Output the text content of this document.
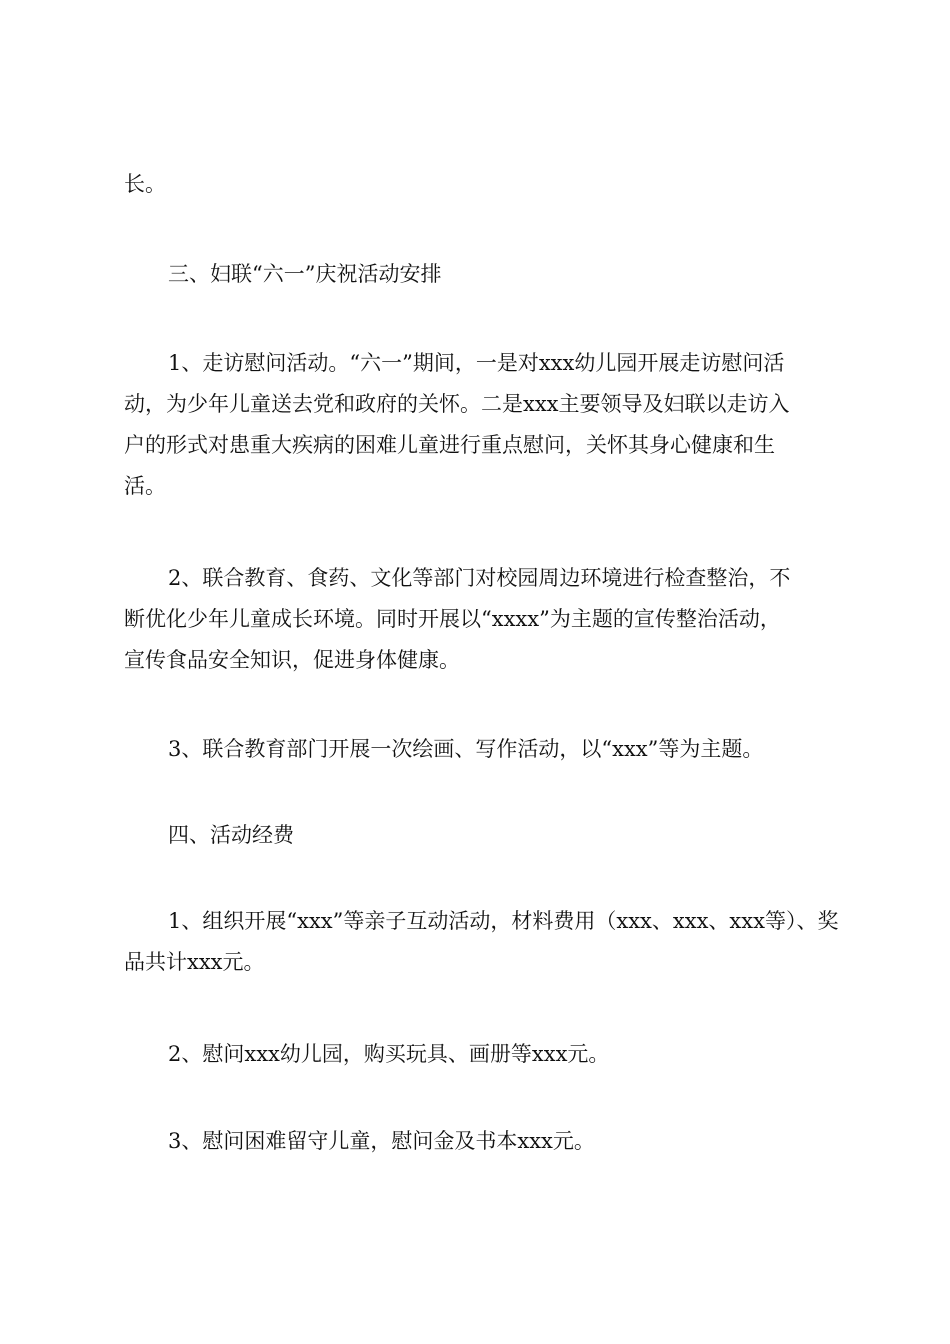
长。

三、妇联“六一”庆祝活动安排

1、走访慰问活动。“六一”期间，一是对xxx幼儿园开展走访慰问活
动，为少年儿童送去党和政府的关怀。二是xxx主要领导及妇联以走访入
户的形式对患重大疾病的困难儿童进行重点慰问，关怀其身心健康和生
活。

2、联合教育、食药、文化等部门对校园周边环境进行检查整治，不
断优化少年儿童成长环境。同时开展以“xxxx”为主题的宣传整治活动，
宣传食品安全知识，促进身体健康。

3、联合教育部门开展一次绘画、写作活动，以“xxx”等为主题。

四、活动经费

1、组织开展“xxx”等亲子互动活动，材料费用（xxx、xxx、xxx等）、奖
品共计xxx元。

2、慰问xxx幼儿园，购买玩具、画册等xxx元。

3、慰问困难留守儿童，慰问金及书本xxx元。
